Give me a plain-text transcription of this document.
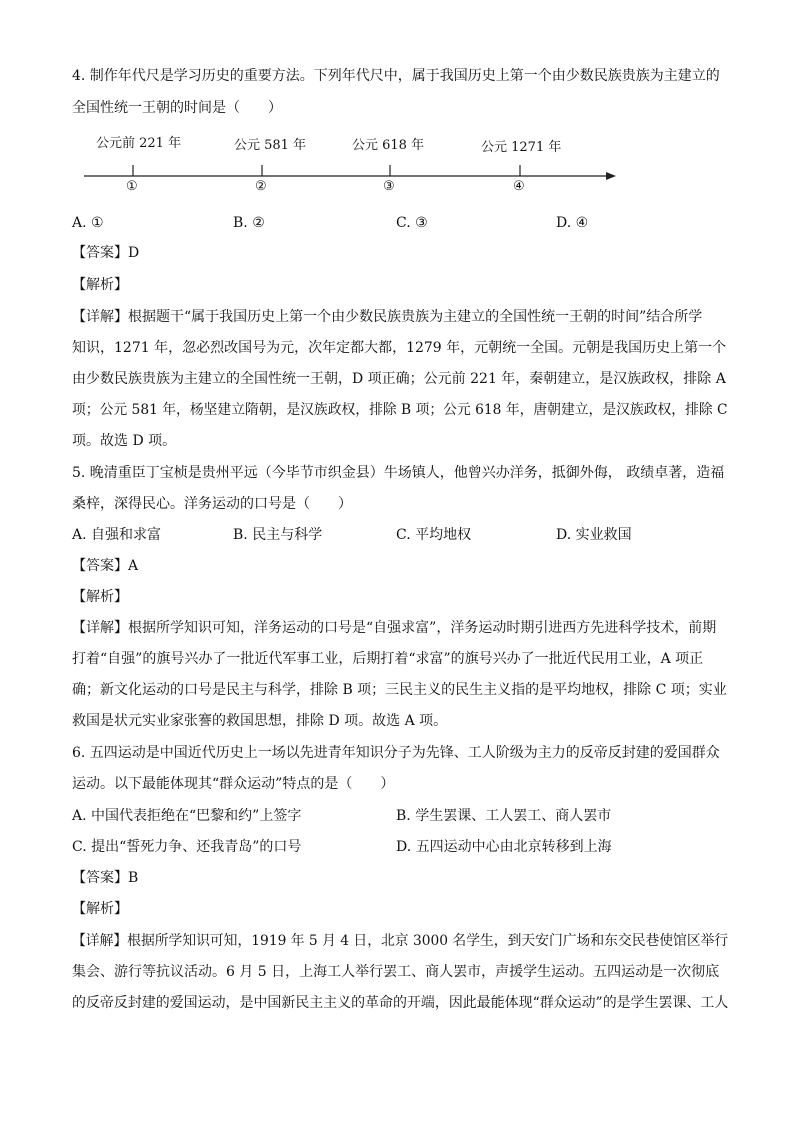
4. 制作年代尺是学习历史的重要方法。下列年代尺中，属于我国历史上第一个由少数民族贵族为主建立的
全国性统一王朝的时间是（　　）
公元前 221 年	公元 581 年	公元 618 年	公元 1271 年
①	②	③	④
A. ①	B. ②	C. ③	D. ④
【答案】D
【解析】
【详解】根据题干“属于我国历史上第一个由少数民族贵族为主建立的全国性统一王朝的时间”结合所学
知识，1271 年，忽必烈改国号为元，次年定都大都，1279 年，元朝统一全国。元朝是我国历史上第一个
由少数民族贵族为主建立的全国性统一王朝，D 项正确；公元前 221 年，秦朝建立，是汉族政权，排除 A
项；公元 581 年，杨坚建立隋朝，是汉族政权，排除 B 项；公元 618 年，唐朝建立，是汉族政权，排除 C
项。故选 D 项。
5. 晚清重臣丁宝桢是贵州平远（今毕节市织金县）牛场镇人，他曾兴办洋务，抵御外侮， 政绩卓著，造福
桑梓，深得民心。洋务运动的口号是（　　）
A. 自强和求富	B. 民主与科学	C. 平均地权	D. 实业救国
【答案】A
【解析】
【详解】根据所学知识可知，洋务运动的口号是“自强求富”，洋务运动时期引进西方先进科学技术，前期
打着“自强”的旗号兴办了一批近代军事工业，后期打着“求富”的旗号兴办了一批近代民用工业，A 项正
确；新文化运动的口号是民主与科学，排除 B 项；三民主义的民生主义指的是平均地权，排除 C 项；实业
救国是状元实业家张謇的救国思想，排除 D 项。故选 A 项。
6. 五四运动是中国近代历史上一场以先进青年知识分子为先锋、工人阶级为主力的反帝反封建的爱国群众
运动。以下最能体现其“群众运动”特点的是（　　）
A. 中国代表拒绝在“巴黎和约”上签字	B. 学生罢课、工人罢工、商人罢市
C. 提出“誓死力争、还我青岛”的口号	D. 五四运动中心由北京转移到上海
【答案】B
【解析】
【详解】根据所学知识可知，1919 年 5 月 4 日，北京 3000 名学生，到天安门广场和东交民巷使馆区举行
集会、游行等抗议活动。6 月 5 日，上海工人举行罢工、商人罢市，声援学生运动。五四运动是一次彻底
的反帝反封建的爱国运动，是中国新民主主义的革命的开端，因此最能体现“群众运动”的是学生罢课、工人
